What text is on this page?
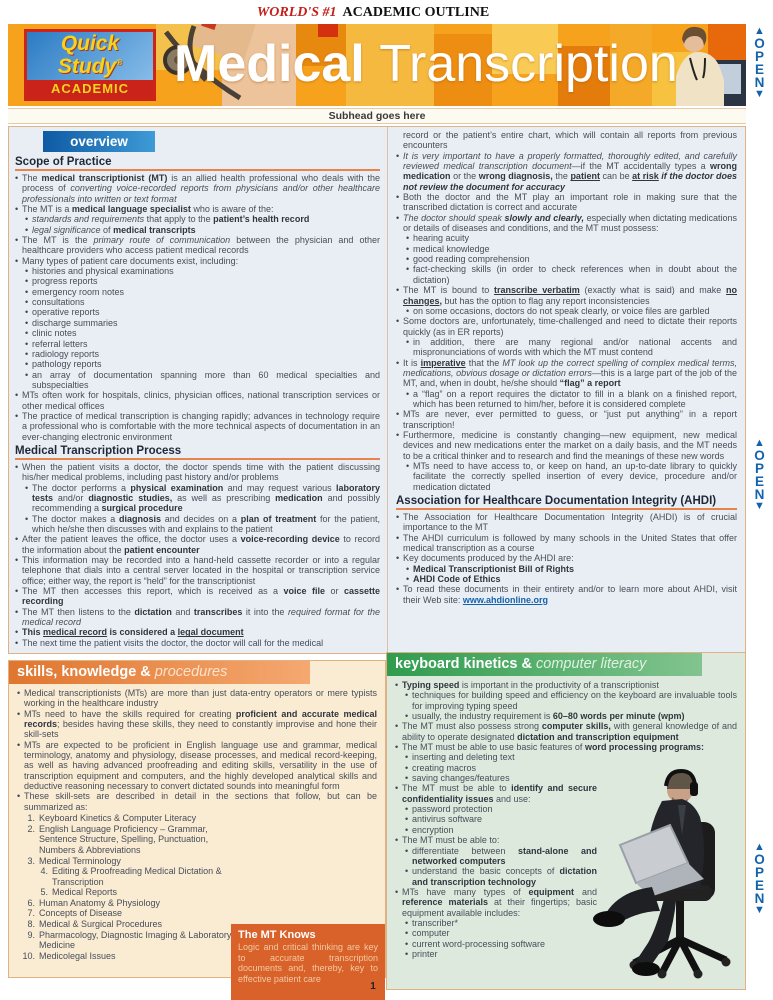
WORLD'S #1 ACADEMIC OUTLINE
Quick
Study®
ACADEMIC Medical Transcription
Subhead goes here
▲
OPEN
▼
▲
OPEN
▼
▲
OPEN
▼
overview
Scope of Practice
• The medical transcriptionist (MT) is an allied health professional who deals with the process of converting voice-recorded reports from physicians and/or other healthcare professionals into written or text format
• The MT is a medical language specialist who is aware of the:
• standards and requirements that apply to the patient’s health record
• legal significance of medical transcripts
• The MT is the primary route of communication between the physician and other healthcare providers who access patient medical records
• Many types of patient care documents exist, including:
• histories and physical examinations
• progress reports
• emergency room notes
• consultations
• operative reports
• discharge summaries
• clinic notes
• referral letters
• radiology reports
• pathology reports
• an array of documentation spanning more than 60 medical specialties and subspecialties
• MTs often work for hospitals, clinics, physician offices, national transcription services or other medical offices
• The practice of medical transcription is changing rapidly; advances in technology require a professional who is comfortable with the more technical aspects of documentation in an ever-changing electronic environment
Medical Transcription Process
• When the patient visits a doctor, the doctor spends time with the patient discussing his/her medical problems, including past history and/or problems
• The doctor performs a physical examination and may request various laboratory tests and/or diagnostic studies, as well as prescribing medication and possibly recommending a surgical procedure
• The doctor makes a diagnosis and decides on a plan of treatment for the patient, which he/she then discusses with and explains to the patient
• After the patient leaves the office, the doctor uses a voice-recording device to record the information about the patient encounter
• This information may be recorded into a hand-held cassette recorder or into a regular telephone that dials into a central server located in the hospital or transcription service office; either way, the report is “held” for the transcriptionist
• The MT then accesses this report, which is received as a voice file or cassette recording
• The MT then listens to the dictation and transcribes it into the required format for the medical record
• This medical record is considered a legal document
• The next time the patient visits the doctor, the doctor will call for the medical
record or the patient’s entire chart, which will contain all reports from previous encounters
• It is very important to have a properly formatted, thoroughly edited, and carefully reviewed medical transcription document—if the MT accidentally types a wrong medication or the wrong diagnosis, the patient can be at risk if the doctor does not review the document for accuracy
• Both the doctor and the MT play an important role in making sure that the transcribed dictation is correct and accurate
• The doctor should speak slowly and clearly, especially when dictating medications or details of diseases and conditions, and the MT must possess:
• hearing acuity
• medical knowledge
• good reading comprehension
• fact-checking skills (in order to check references when in doubt about the dictation)
• The MT is bound to transcribe verbatim (exactly what is said) and make no changes, but has the option to flag any report inconsistencies
• on some occasions, doctors do not speak clearly, or voice files are garbled
• Some doctors are, unfortunately, time-challenged and need to dictate their reports quickly (as in ER reports)
• in addition, there are many regional and/or national accents and mispronunciations of words with which the MT must contend
• It is imperative that the MT look up the correct spelling of complex medical terms, medications, obvious dosage or dictation errors—this is a large part of the job of the MT, and, when in doubt, he/she should “flag” a report
• a “flag” on a report requires the dictator to fill in a blank on a finished report, which has been returned to him/her, before it is considered complete
• MTs are never, ever permitted to guess, or “just put anything” in a report transcription!
• Furthermore, medicine is constantly changing—new equipment, new medical devices and new medications enter the market on a daily basis, and the MT needs to be a critical thinker and to research and find the meanings of these new words
• MTs need to have access to, or keep on hand, an up-to-date library to quickly facilitate the correctly spelled insertion of every device, procedure and/or medication dictated
Association for Healthcare Documentation Integrity (AHDI)
• The Association for Healthcare Documentation Integrity (AHDI) is of crucial importance to the MT
• The AHDI curriculum is followed by many schools in the United States that offer medical transcription as a course
• Key documents produced by the AHDI are:
• Medical Transcriptionist Bill of Rights
• AHDI Code of Ethics
• To read these documents in their entirety and/or to learn more about AHDI, visit their Web site: www.ahdionline.org
skills, knowledge & procedures
• Medical transcriptionists (MTs) are more than just data-entry operators or mere typists working in the healthcare industry
• MTs need to have the skills required for creating proficient and accurate medical records; besides having these skills, they need to constantly improvise and hone their skill-sets
• MTs are expected to be proficient in English language use and grammar, medical terminology, anatomy and physiology, disease processes, and medical record-keeping, as well as having advanced proofreading and editing skills, versatility in the use of transcription equipment and computers, and the highly developed analytical skills and deductive reasoning necessary to convert dictated sounds into meaningful form
• These skill-sets are described in detail in the sections that follow, but can be summarized as:
1. Keyboard Kinetics & Computer Literacy
2. English Language Proficiency – Grammar, Sentence Structure, Spelling, Punctuation, Numbers & Abbreviations
3. Medical Terminology
4. Editing & Proofreading Medical Dictation & Transcription
5. Medical Reports
6. Human Anatomy & Physiology
7. Concepts of Disease
8. Medical & Surgical Procedures
9. Pharmacology, Diagnostic Imaging & Laboratory Medicine
10. Medicolegal Issues
The MT Knows
Logic and critical thinking are key to accurate transcription documents and, thereby, key to effective patient care
keyboard kinetics & computer literacy
• Typing speed is important in the productivity of a transcriptionist
• techniques for building speed and efficiency on the keyboard are invaluable tools for improving typing speed
• usually, the industry requirement is 60–80 words per minute (wpm)
• The MT must also possess strong computer skills, with general knowledge of and ability to operate designated dictation and transcription equipment
• The MT must be able to use basic features of word processing programs:
• inserting and deleting text
• creating macros
• saving changes/features
• The MT must be able to identify and secure confidentiality issues and use:
• password protection
• antivirus software
• encryption
• The MT must be able to:
• differentiate between stand-alone and networked computers
• understand the basic concepts of dictation and transcription technology
• MTs have many types of equipment and reference materials at their fingertips; basic equipment available includes:
• transcriber*
• computer
• current word-processing software
• printer
1
